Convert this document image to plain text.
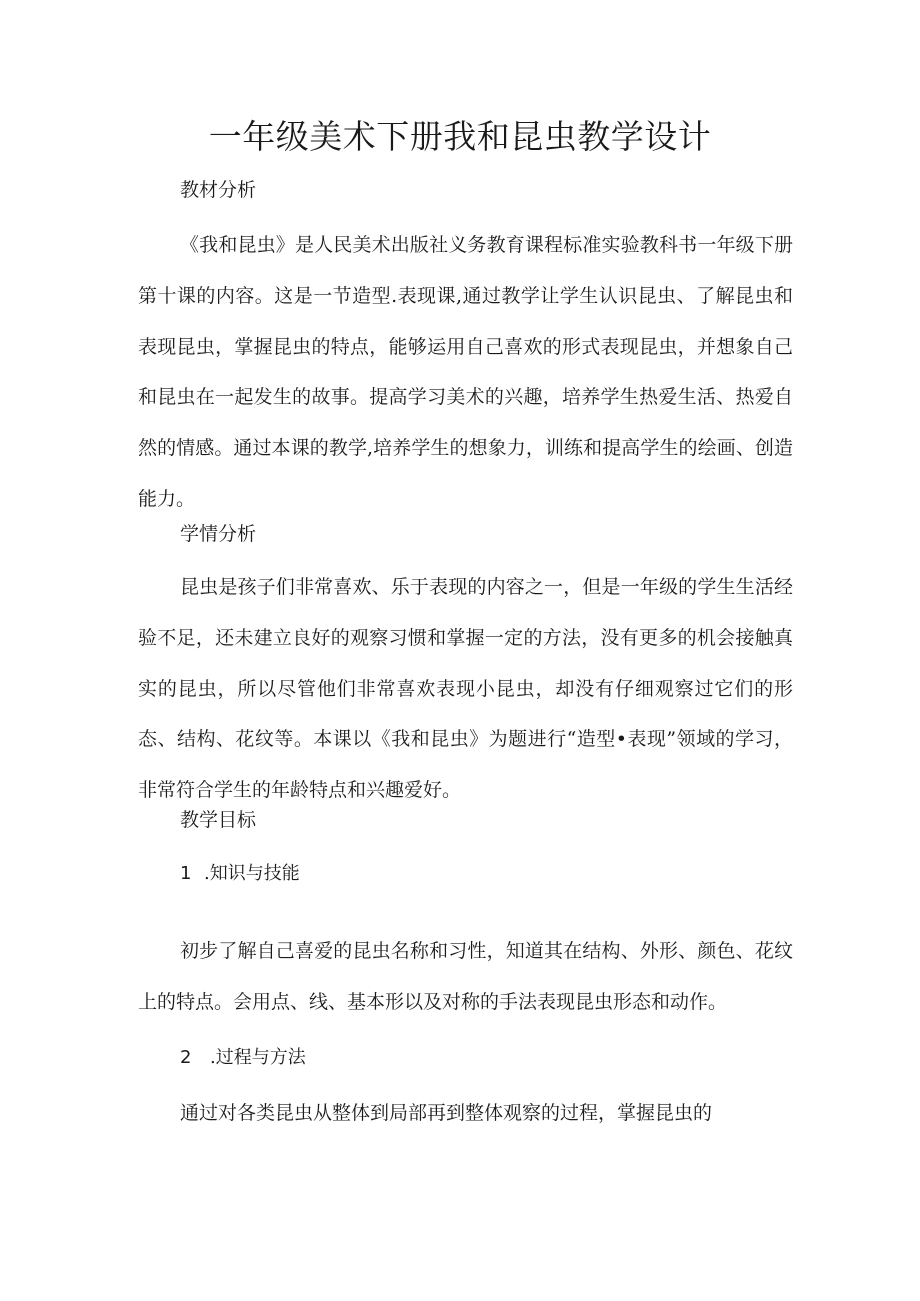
一年级美术下册我和昆虫教学设计
教材分析

《我和昆虫》是人民美术出版社义务教育课程标准实验教科书一年级下册第十课的内容。这是一节造型.表现课,通过教学让学生认识昆虫、了解昆虫和表现昆虫，掌握昆虫的特点，能够运用自己喜欢的形式表现昆虫，并想象自己和昆虫在一起发生的故事。提高学习美术的兴趣，培养学生热爱生活、热爱自然的情感。通过本课的教学,培养学生的想象力，训练和提高学生的绘画、创造能力。

学情分析

昆虫是孩子们非常喜欢、乐于表现的内容之一，但是一年级的学生生活经验不足，还未建立良好的观察习惯和掌握一定的方法，没有更多的机会接触真实的昆虫，所以尽管他们非常喜欢表现小昆虫，却没有仔细观察过它们的形态、结构、花纹等。本课以《我和昆虫》为题进行“造型•表现”领域的学习，非常符合学生的年龄特点和兴趣爱好。

教学目标
1 .知识与技能

初步了解自己喜爱的昆虫名称和习性，知道其在结构、外形、颜色、花纹上的特点。会用点、线、基本形以及对称的手法表现昆虫形态和动作。

2 .过程与方法

通过对各类昆虫从整体到局部再到整体观察的过程，掌握昆虫的
